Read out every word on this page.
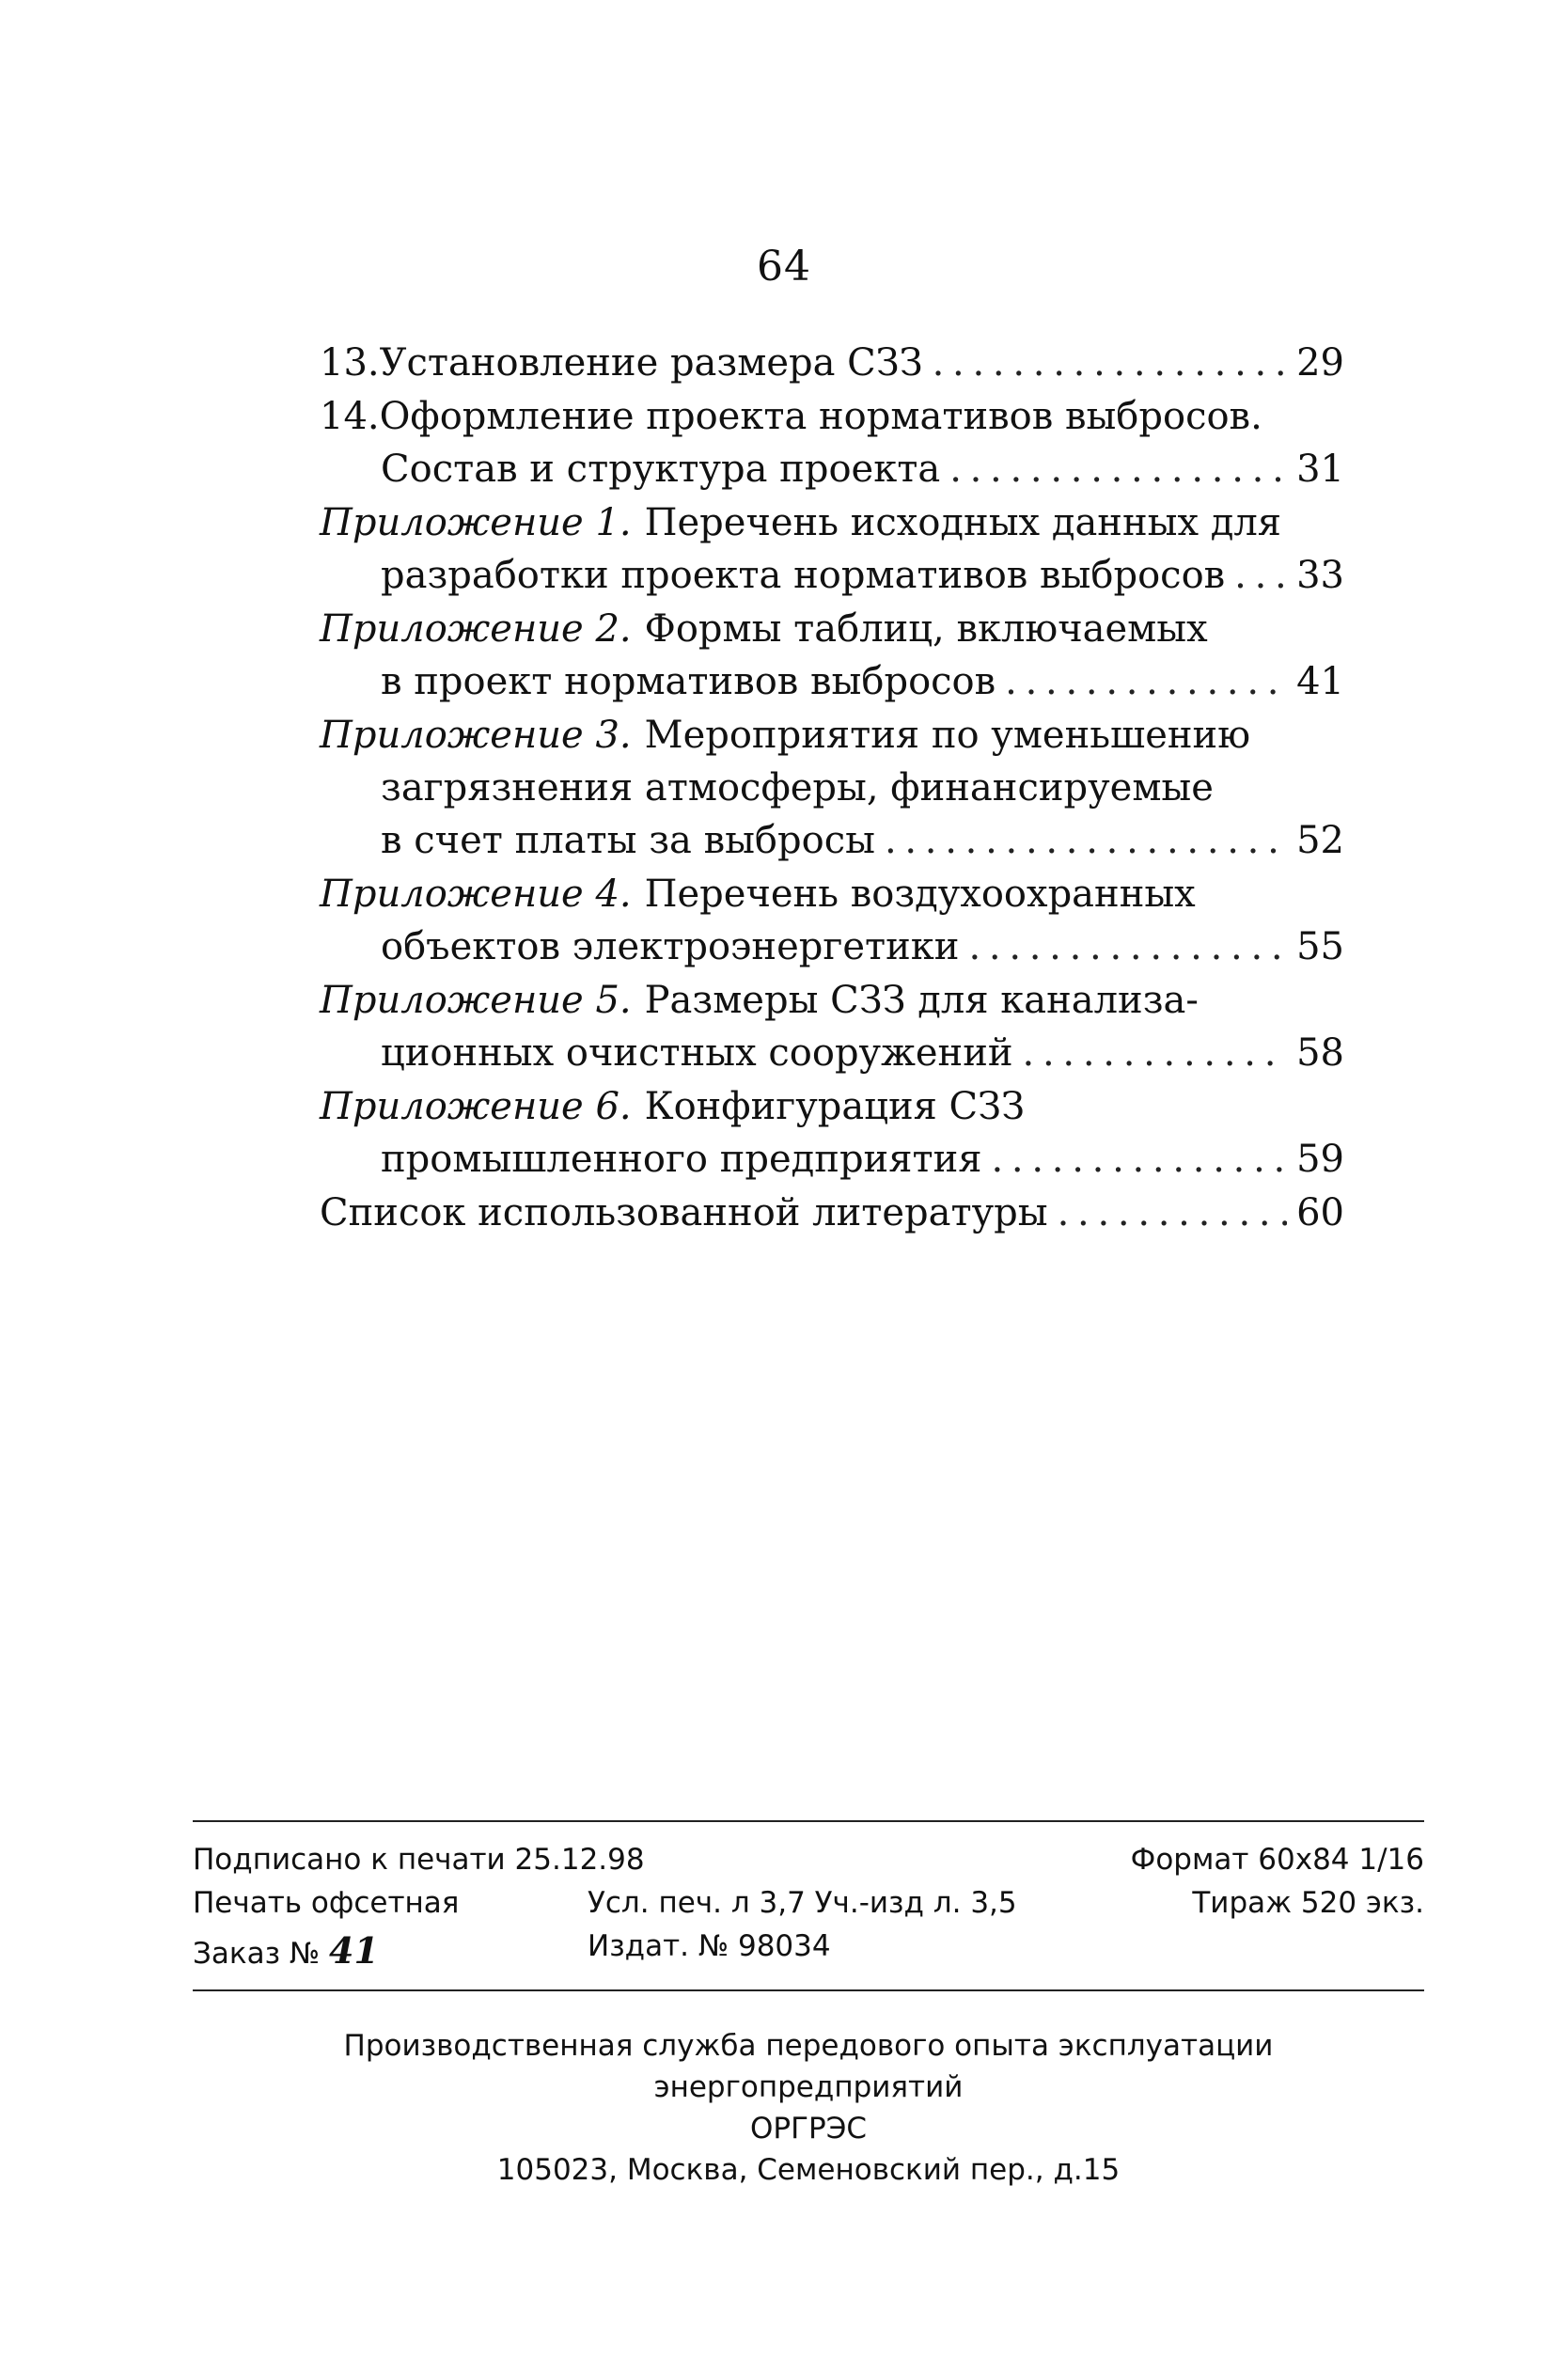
64
13.Установление размера СЗЗ . . .	29
14.Оформление проекта нормативов выбросов.
Состав и структура проекта . . .	31
Приложение 1. Перечень исходных данных для
разработки проекта нормативов выбросов . . . 33
Приложение 2. Формы таблиц, включаемых
в проект нормативов выбросов . . .	41
Приложение 3. Мероприятия по уменьшению
загрязнения атмосферы, финансируемые
в счет платы за выбросы . . .	52
Приложение 4. Перечень воздухоохранных
объектов электроэнергетики . . .	55
Приложение 5. Размеры СЗЗ для канализа-
ционных очистных сооружений . . .	58
Приложение 6. Конфигурация СЗЗ
промышленного предприятия . . .	59
Список использованной литературы . . .	60
Подписано к печати 25.12.98	Формат 60х84 1/16
Печать офсетная	Усл. печ. л 3,7 Уч.-изд л. 3,5	Тираж 520 экз.
Заказ № 41	Издат. № 98034
Производственная служба передового опыта эксплуатации энергопредприятий
ОРГРЭС
105023, Москва, Семеновский пер., д.15
